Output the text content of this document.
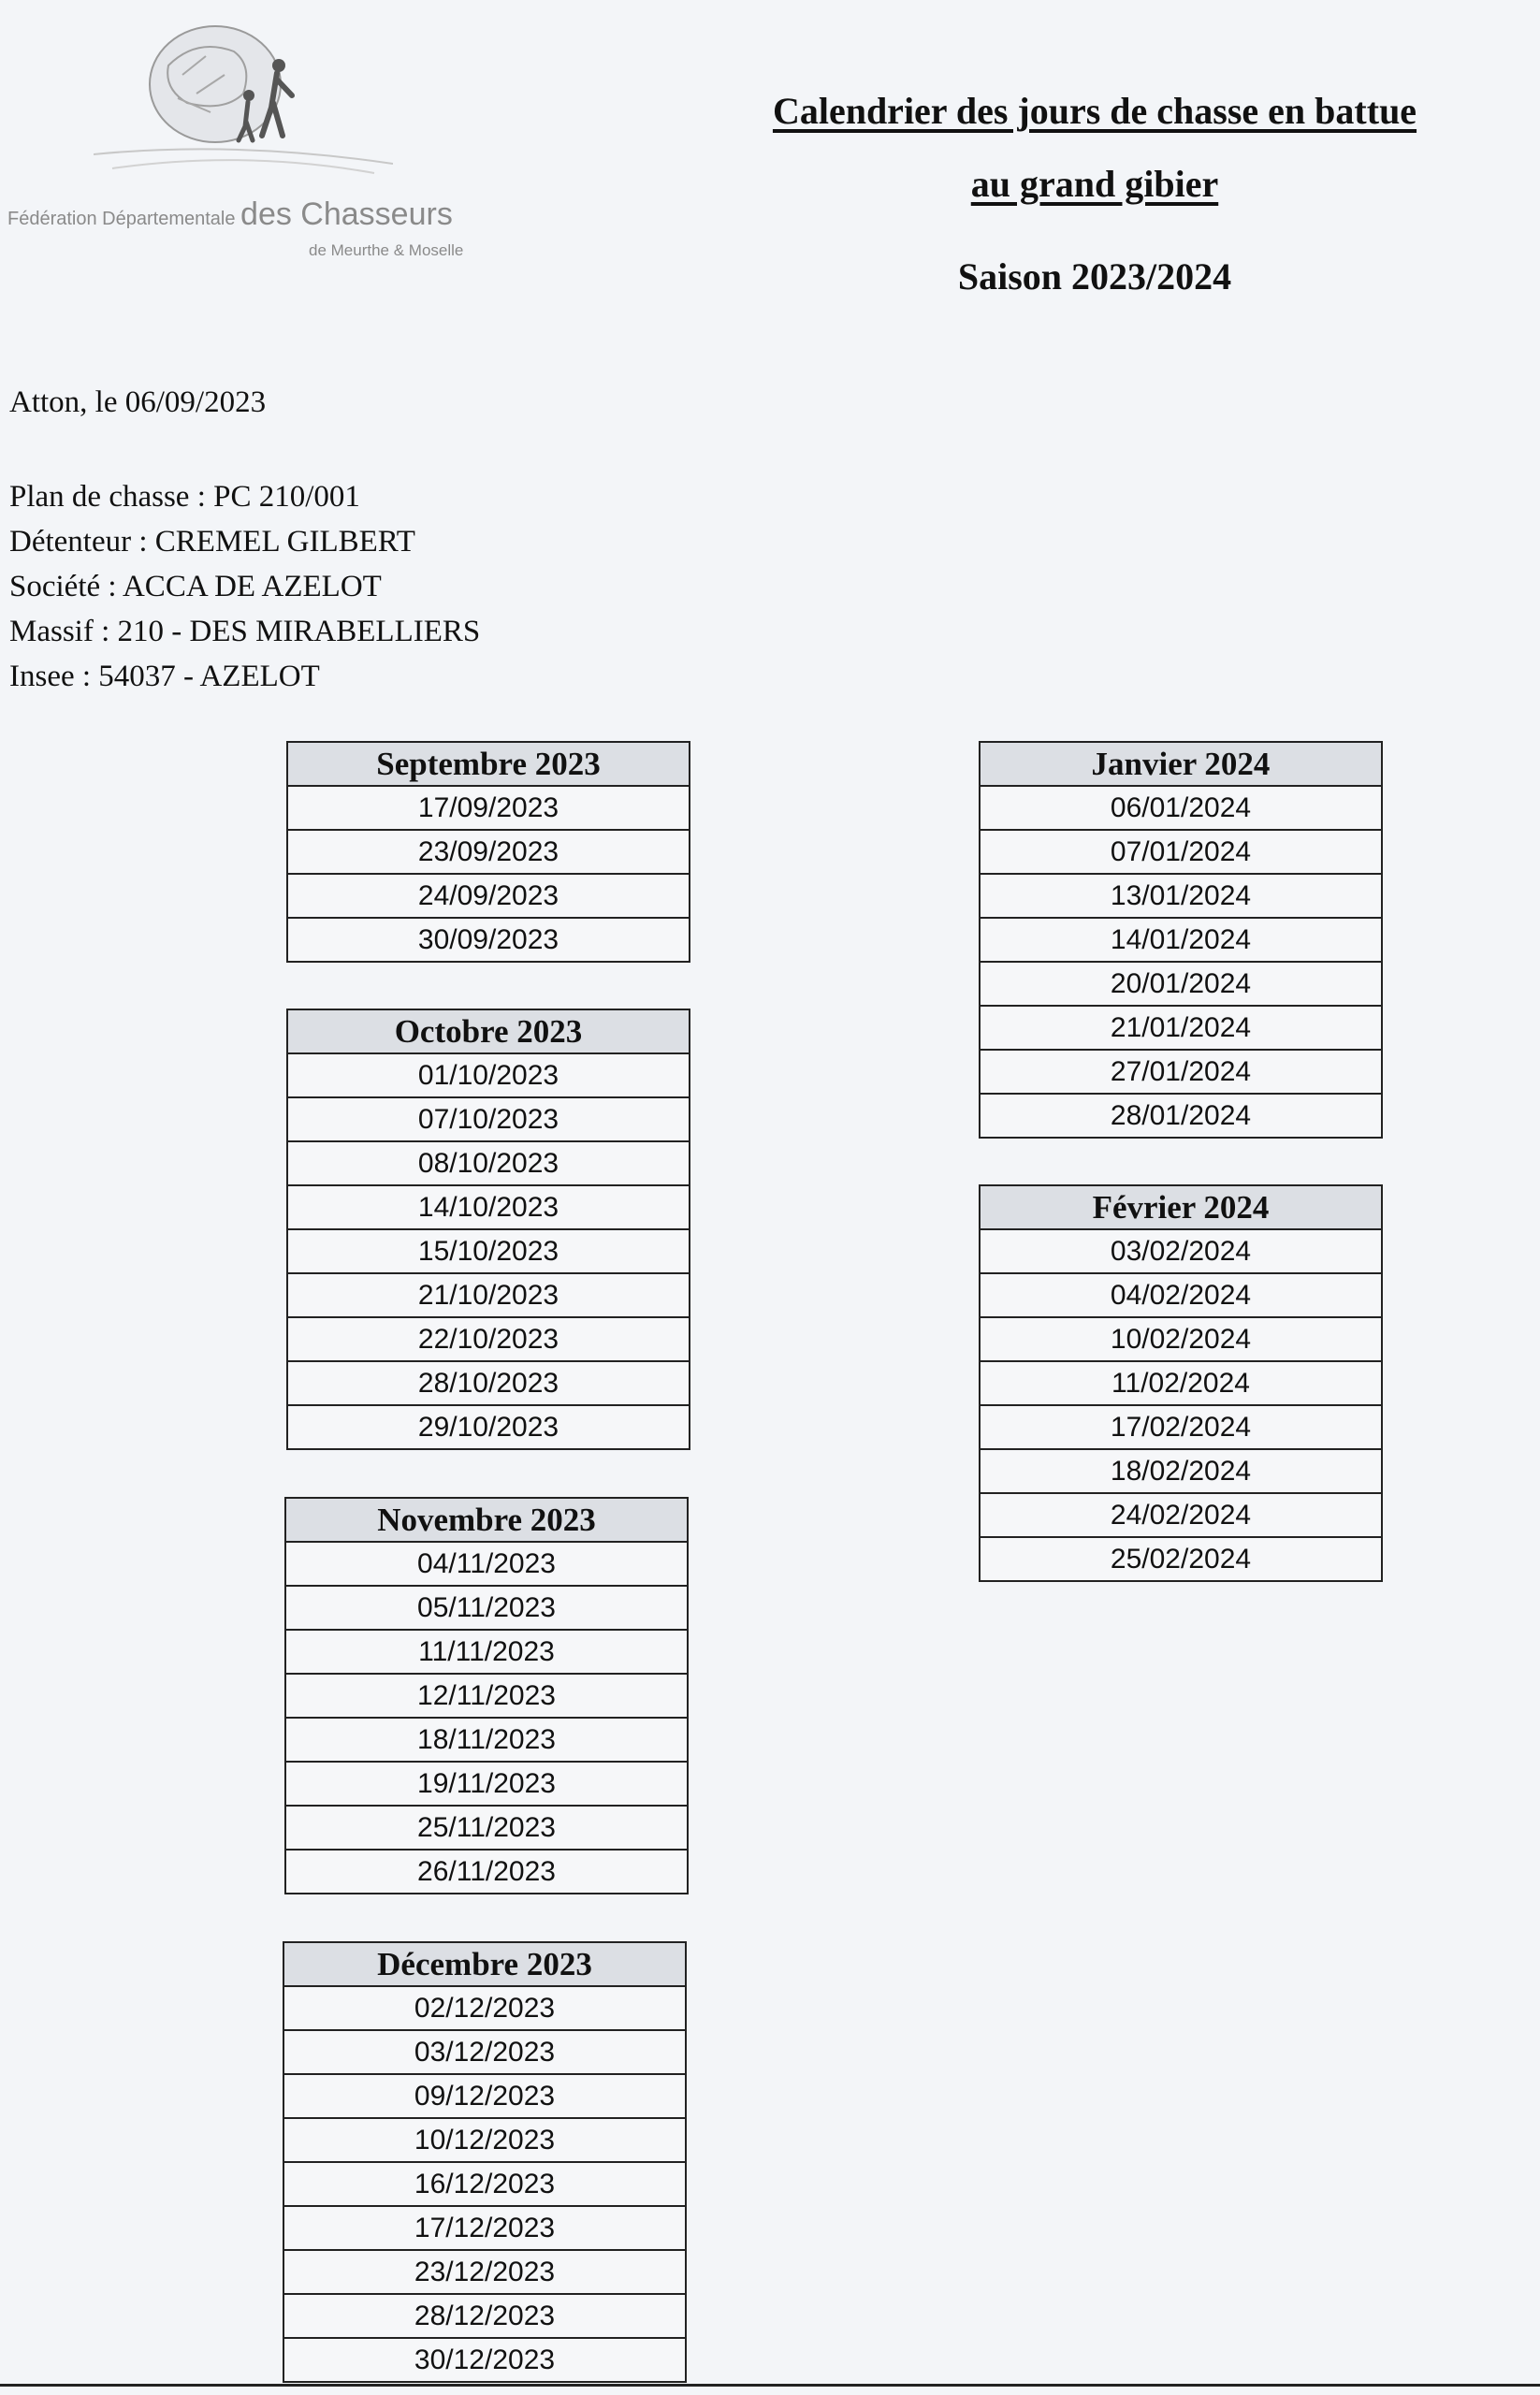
Fédération Départementale des Chasseurs
de Meurthe & Moselle
Calendrier des jours de chasse en battue
au grand gibier
Saison 2023/2024
Atton, le 06/09/2023
Plan de chasse : PC 210/001
Détenteur : CREMEL GILBERT
Société : ACCA DE AZELOT
Massif : 210 - DES MIRABELLIERS
Insee : 54037 - AZELOT
Septembre 2023
17/09/2023
23/09/2023
24/09/2023
30/09/2023
Octobre 2023
01/10/2023
07/10/2023
08/10/2023
14/10/2023
15/10/2023
21/10/2023
22/10/2023
28/10/2023
29/10/2023
Novembre 2023
04/11/2023
05/11/2023
11/11/2023
12/11/2023
18/11/2023
19/11/2023
25/11/2023
26/11/2023
Décembre 2023
02/12/2023
03/12/2023
09/12/2023
10/12/2023
16/12/2023
17/12/2023
23/12/2023
28/12/2023
30/12/2023
Janvier 2024
06/01/2024
07/01/2024
13/01/2024
14/01/2024
20/01/2024
21/01/2024
27/01/2024
28/01/2024
Février 2024
03/02/2024
04/02/2024
10/02/2024
11/02/2024
17/02/2024
18/02/2024
24/02/2024
25/02/2024
